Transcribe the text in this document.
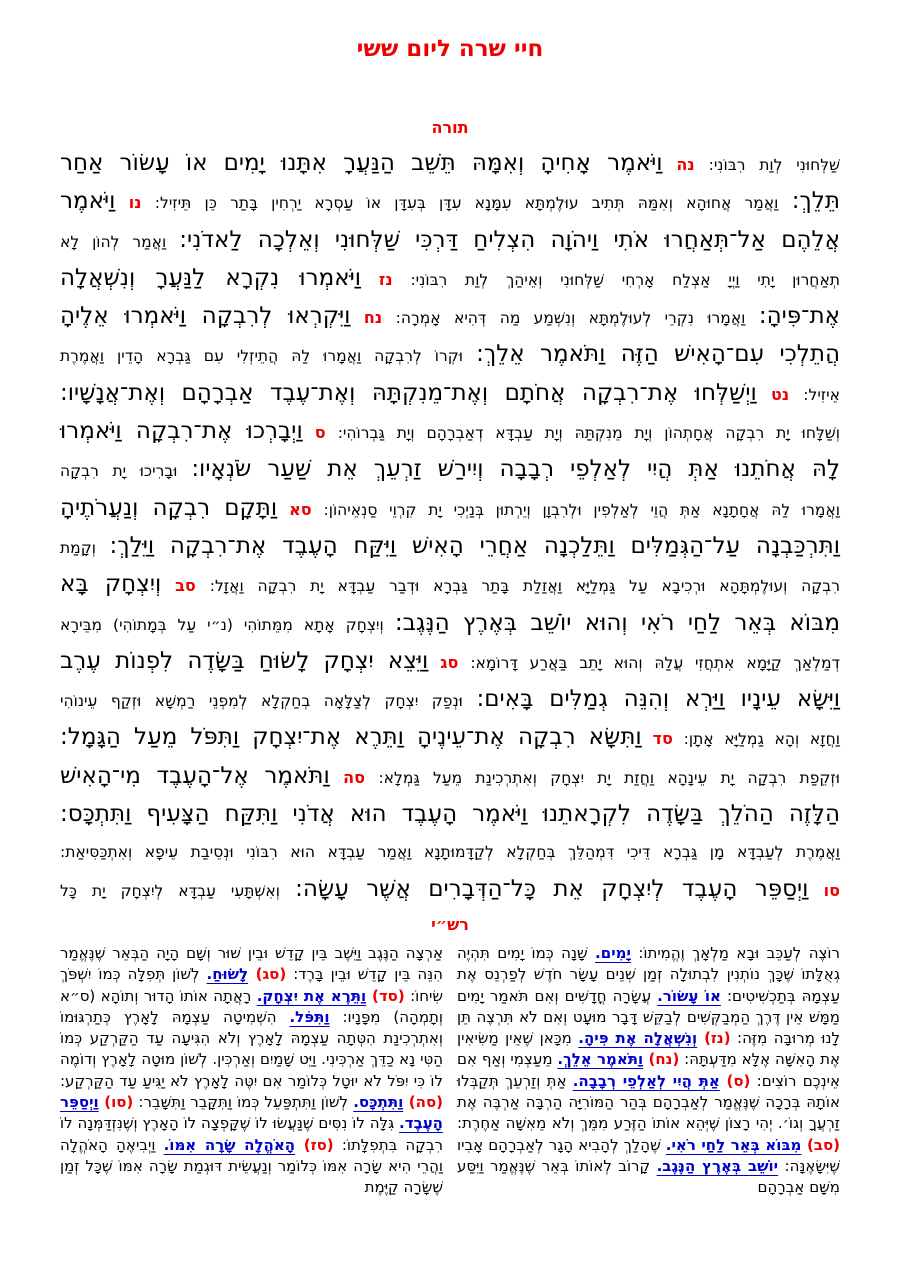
חיי שרה ליום ששי
תורה
שַׁלְּחוּנִי לְוַת רִבּוֹנִי: נה וַיֹּאמֶר אָחִיהָ וְאִמָּהּ תֵּשֵׁב הַנַּעֲרָ אִתָּנוּ יָמִים אוֹ עָשׂוֹר אַחַר
תֵּלֵךְ: וַאֲמַר אֲחוּהָא וְאִמַּהּ תְּתִיב עוּלֶמְתָּא עִמָּנָא עִדָּן בְּעִדָּן אוֹ עַסְרָא יַרְחִין בָּתַר כֵּן תֵּיזִיל: נו וַיֹּאמֶר
אֲלֵהֶם אַל־תְּאַחֲרוּ אֹתִי וַיהֹוָה הִצְלִיחַ דַּרְכִּי שַׁלְּחוּנִי וְאֵלְכָה לַאדֹנִי: וַאֲמַר לְהוֹן לָא
תְאַחֲרוּן יָתִי וַיְיָ אַצְלַח אָרְחִי שַׁלְּחוּנִי וְאֵיהַךְ לְוַת רִבּוֹנִי: נז וַיֹּאמְרוּ נִקְרָא לַנַּעֲרָ וְנִשְׁאֲלָה
אֶת־פִּיהָ: וַאֲמָרוּ נִקְרֵי לְעוּלֶמְתָּא וְנִשְׁמַע מַה דְּהִיא אָמְרָה: נח וַיִּקְרְאוּ לְרִבְקָה וַיֹּאמְרוּ אֵלֶיהָ
הֲתֵלְכִי עִם־הָאִישׁ הַזֶּה וַתֹּאמֶר אֵלֵךְ: וּקְרוֹ לְרִבְקָה וַאֲמָרוּ לַהּ הֲתֵיזְלִי עִם גַּבְרָא הָדֵין וַאֲמֶרֶת
אֵיזִיל: נט וַיְשַׁלְּחוּ אֶת־רִבְקָה אֲחֹתָם וְאֶת־מֵנִקְתָּהּ וְאֶת־עֶבֶד אַבְרָהָם וְאֶת־אֲנָשָׁיו:
וְשַׁלָּחוּ יָת רִבְקָה אֲחָתְהוֹן וְיָת מֵנִקְתַּהּ וְיָת עַבְדָּא דְאַבְרָהָם וְיָת גַּבְרוֹהִי: ס וַיְבָרְכוּ אֶת־רִבְקָה וַיֹּאמְרוּ
לָהּ אֲחֹתֵנוּ אַתְּ הֲיִי לְאַלְפֵי רְבָבָה וְיִירַשׁ זַרְעֵךְ אֵת שַׁעַר שֹׂנְאָיו: וּבָרִיכוּ יָת רִבְקָה
וַאֲמָרוּ לַהּ אֲחָתָנָא אַתְּ הֲוֵי לְאַלְפִין וּלְרִבְוָן וְיֵרְתוּן בְּנַיְכִי יָת קִרְוֵי סַנְאֵיהוֹן: סא וַתָּקָם רִבְקָה וְנַעֲרֹתֶיהָ
וַתִּרְכַּבְנָה עַל־הַגְּמַלִּים וַתֵּלַכְנָה אַחֲרֵי הָאִישׁ וַיִּקַּח הָעֶבֶד אֶת־רִבְקָה וַיֵּלַךְ: וְקָמַת
רִבְקָה וְעוּלֶמְתָּהָא וּרְכִיבָא עַל גַּמְלַיָּא וַאֲזַלַת בָּתַר גַּבְרָא וּדְבַר עַבְדָּא יָת רִבְקָה וַאֲזָל: סב וְיִצְחָק בָּא
מִבּוֹא בְּאֵר לַחַי רֹאִי וְהוּא יוֹשֵׁב בְּאֶרֶץ הַנֶּגֶב: וְיִצְחָק אָתָא מִמֵּתוֹהִי (נ״י עַל בְּמָתוֹהִי) מִבֵּירָא
דְמַלְאַךְ קַיָּמָא אִתְחֲזִי עֲלַהּ וְהוּא יָתֵב בַּאֲרַע דָּרוֹמָא: סג וַיֵּצֵא יִצְחָק לָשׂוּחַ בַּשָּׂדֶה לִפְנוֹת עֶרֶב
וַיִּשָּׂא עֵינָיו וַיַּרְא וְהִנֵּה גְמַלִּים בָּאִים: וּנְפַק יִצְחָק לְצַלָּאָה בְחַקְלָא לְמִפְנֵי רַמְשָׁא וּזְקַף עֵינוֹהִי
וַחֲזָא וְהָא גַמְלַיָּא אָתָן: סד וַתִּשָּׂא רִבְקָה אֶת־עֵינֶיהָ וַתֵּרֶא אֶת־יִצְחָק וַתִּפֹּל מֵעַל הַגָּמָל:
וּזְקֵפַת רִבְקָה יָת עֵינָהָא וַחֲזַת יָת יִצְחָק וְאִתְרְכִינַת מֵעַל גַּמְלָא: סה וַתֹּאמֶר אֶל־הָעֶבֶד מִי־הָאִישׁ
הַלָּזֶה הַהֹלֵךְ בַּשָּׂדֶה לִקְרָאתֵנוּ וַיֹּאמֶר הָעֶבֶד הוּא אֲדֹנִי וַתִּקַּח הַצָּעִיף וַתִּתְכָּס:
וַאֲמֶרֶת לְעַבְדָּא מָן גַּבְרָא דֵּיכִי דִּמְהַלֵּךְ בְּחַקְלָא לְקַדָּמוּתָנָא וַאֲמַר עַבְדָּא הוּא רִבּוֹנִי וּנְסֵיבַת עֵיפָא וְאִתְכַּסִּיאַת:
סו וַיְסַפֵּר הָעֶבֶד לְיִצְחָק אֵת כָּל־הַדְּבָרִים אֲשֶׁר עָשָׂה: וְאִשְׁתָּעִי עַבְדָּא לְיִצְחָק יָת כָּל
רש״י
רוֹצֶה לְעַכֵּב וּבָא מַלְאָךְ וֶהֱמִיתוֹ: יָמִים. שָׁנָה כְּמוֹ יָמִים תִּהְיֶה גְאֻלָּתוֹ שֶׁכָּךְ נוֹתְנִין לִבְתוּלָה זְמַן שְׁנֵים עָשָׂר חֹדֶשׁ לְפַרְנֵס אֶת עַצְמָהּ בְּתַכְשִׁיטִים: אוֹ עָשׂוֹר. עֲשָׂרָה חֳדָשִׁים וְאִם תֹּאמַר יָמִים מַמָּשׁ אֵין דֶּרֶךְ הַמְבַקְּשִׁים לְבַקֵּשׁ דָּבָר מוּעָט וְאִם לֹא תִּרְצֶה תֵּן לָנוּ מְרוּבָּה מִזֶּה: (נז) וְנִשְׁאֲלָה אֶת פִּיהָ. מִכָּאן שֶׁאֵין מַשִּׂיאִין אֶת הָאִשָּׁה אֶלָּא מִדַּעְתָּהּ: (נח) וַתֹּאמֶר אֵלֵךְ. מֵעַצְמִי וְאַף אִם אֵינְכֶם רוֹצִים: (ס) אַתְּ הֲיִי לְאַלְפֵי רְבָבָה. אַתְּ וְזַרְעֵךְ תְּקַבְּלוּ אוֹתָהּ בְּרָכָה שֶׁנֶּאֱמַר לְאַבְרָהָם בְּהַר הַמּוֹרִיָּה הַרְבָּה אַרְבֶּה אֶת זַרְעֲךָ וְגוֹ׳. יְהִי רָצוֹן שֶׁיְּהֵא אוֹתוֹ הַזֶּרַע מִמֵּךְ וְלֹא מֵאִשָּׁה אַחֶרֶת: (סב) מִבּוֹא בְּאֵר לַחַי רֹאִי. שֶׁהָלַךְ לְהָבִיא הָגָר לְאַבְרָהָם אָבִיו שֶׁיִּשָּׂאֶנָּה: יוֹשֵׁב בְּאֶרֶץ הַנֶּגֶב. קָרוֹב לְאוֹתוֹ בְּאֵר שֶׁנֶּאֱמַר וַיִּסַּע מִשָּׁם אַבְרָהָם
אַרְצָה הַנֶּגֶב וַיֵּשֶׁב בֵּין קָדֵשׁ וּבֵין שׁוּר וְשָׁם הָיָה הַבְּאֵר שֶׁנֶּאֱמַר הִנֵּה בֵּין קָדֵשׁ וּבֵין בָּרֶד: (סג) לָשׂוּחַ. לְשׁוֹן תְּפִלָּה כְּמוֹ יִשְׁפֹּךְ שִׂיחוֹ: (סד) וַתֵּרֶא אֶת יִצְחָק. רָאֲתָה אוֹתוֹ הָדוּר וְתוֹהָא (ס״א וְתָמְהָה) מִפָּנָיו: וַתִּפֹּל. הִשְׁמִיטָה עַצְמָהּ לָאָרֶץ כְּתַרְגּוּמוֹ וְאִתְרְכִינַת הִטְּתָה עַצְמָהּ לָאָרֶץ וְלֹא הִגִּיעָה עַד הַקַּרְקַע כְּמוֹ הַטִּי נָא כַדֵּךְ אַרְכִּינִי. וַיֵּט שָׁמַיִם וְאַרְכִּין. לְשׁוֹן מוּטָה לָאָרֶץ וְדוֹמֶה לוֹ כִּי יִפֹּל לֹא יוּטָל כְּלוֹמַר אִם יִטֶּה לָאָרֶץ לֹא יַגִּיעַ עַד הַקַּרְקַע: (סה) וַתִּתְכָּס. לְשׁוֹן וַתִּתְפַּעֵל כְּמוֹ וַתִּקָּבֵר וַתִּשָּׁבֵר: (סו) וַיְסַפֵּר הָעֶבֶד. גִּלָּה לוֹ נִסִּים שֶׁנַּעֲשׂוּ לוֹ שֶׁקָּפְצָה לוֹ הָאָרֶץ וְשֶׁנִּזְדַּמְּנָה לוֹ רִבְקָה בִּתְפִלָּתוֹ: (סז) הָאֹהֱלָה שָׂרָה אִמּוֹ. וַיְבִיאֶהָ הָאֹהֱלָה וַהֲרֵי הִיא שָׂרָה אִמּוֹ כְּלוֹמַר וְנַעֲשֵׂית דּוּגְמַת שָׂרָה אִמּוֹ שֶׁכָּל זְמַן שֶׁשָּׂרָה קַיֶּמֶת
